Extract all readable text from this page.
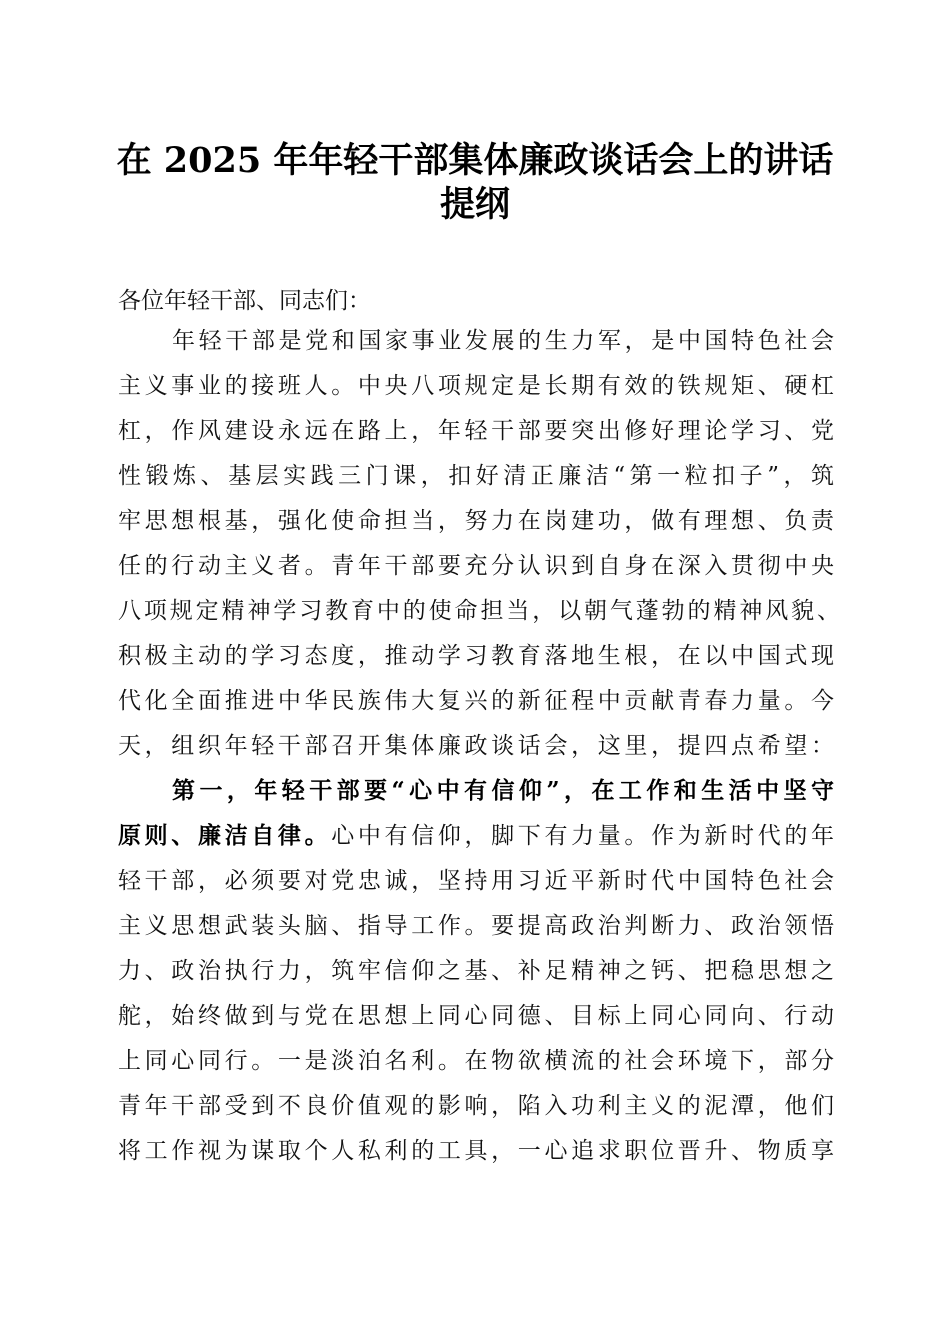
在 2025 年年轻干部集体廉政谈话会上的讲话
提纲
各位年轻干部、同志们：
年轻干部是党和国家事业发展的生力军，是中国特色社会
主义事业的接班人。中央八项规定是长期有效的铁规矩、硬杠
杠，作风建设永远在路上，年轻干部要突出修好理论学习、党
性锻炼、基层实践三门课，扣好清正廉洁“第一粒扣子”，筑
牢思想根基，强化使命担当，努力在岗建功，做有理想、负责
任的行动主义者。青年干部要充分认识到自身在深入贯彻中央
八项规定精神学习教育中的使命担当，以朝气蓬勃的精神风貌、
积极主动的学习态度，推动学习教育落地生根，在以中国式现
代化全面推进中华民族伟大复兴的新征程中贡献青春力量。今
天，组织年轻干部召开集体廉政谈话会，这里，提四点希望：
第一，年轻干部要“心中有信仰”，在工作和生活中坚守
原则、廉洁自律。心中有信仰，脚下有力量。作为新时代的年
轻干部，必须要对党忠诚，坚持用习近平新时代中国特色社会
主义思想武装头脑、指导工作。要提高政治判断力、政治领悟
力、政治执行力，筑牢信仰之基、补足精神之钙、把稳思想之
舵，始终做到与党在思想上同心同德、目标上同心同向、行动
上同心同行。一是淡泊名利。在物欲横流的社会环境下，部分
青年干部受到不良价值观的影响，陷入功利主义的泥潭，他们
将工作视为谋取个人私利的工具，一心追求职位晋升、物质享
